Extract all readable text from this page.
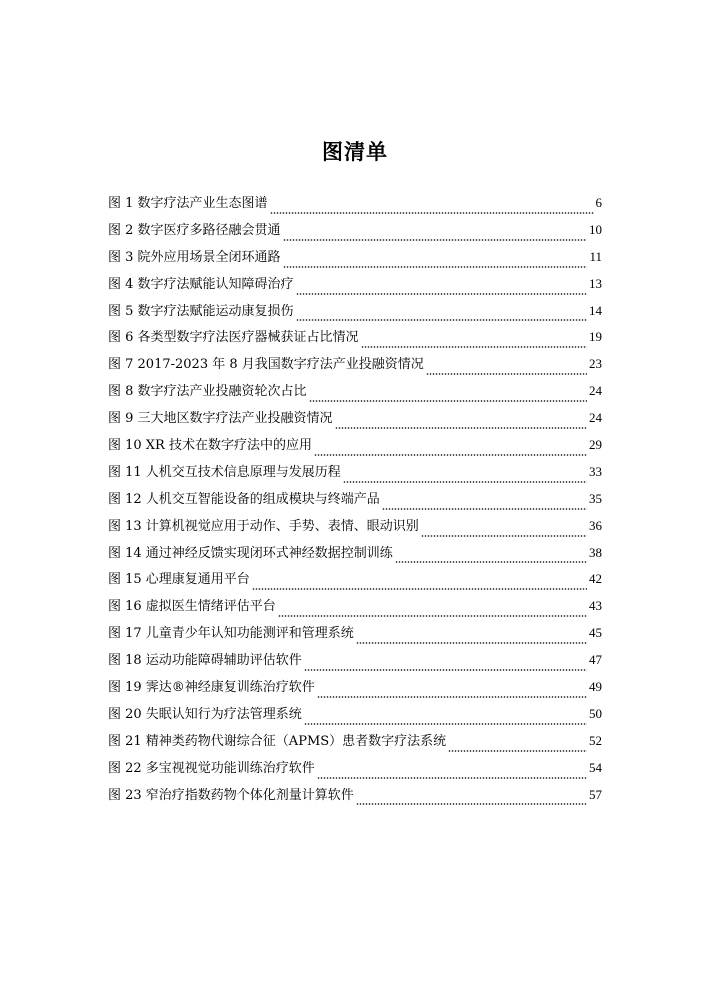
图清单
图 1 数字疗法产业生态图谱	6
图 2 数字医疗多路径融会贯通	10
图 3 院外应用场景全闭环通路	11
图 4 数字疗法赋能认知障碍治疗	13
图 5 数字疗法赋能运动康复损伤	14
图 6 各类型数字疗法医疗器械获证占比情况	19
图 7 2017-2023 年 8 月我国数字疗法产业投融资情况	23
图 8 数字疗法产业投融资轮次占比	24
图 9 三大地区数字疗法产业投融资情况	24
图 10 XR 技术在数字疗法中的应用	29
图 11 人机交互技术信息原理与发展历程	33
图 12 人机交互智能设备的组成模块与终端产品	35
图 13 计算机视觉应用于动作、手势、表情、眼动识别	36
图 14 通过神经反馈实现闭环式神经数据控制训练	38
图 15 心理康复通用平台	42
图 16 虚拟医生情绪评估平台	43
图 17 儿童青少年认知功能测评和管理系统	45
图 18 运动功能障碍辅助评估软件	47
图 19 霁达®神经康复训练治疗软件	49
图 20 失眠认知行为疗法管理系统	50
图 21 精神类药物代谢综合征（APMS）患者数字疗法系统	52
图 22 多宝视视觉功能训练治疗软件	54
图 23 窄治疗指数药物个体化剂量计算软件	57
